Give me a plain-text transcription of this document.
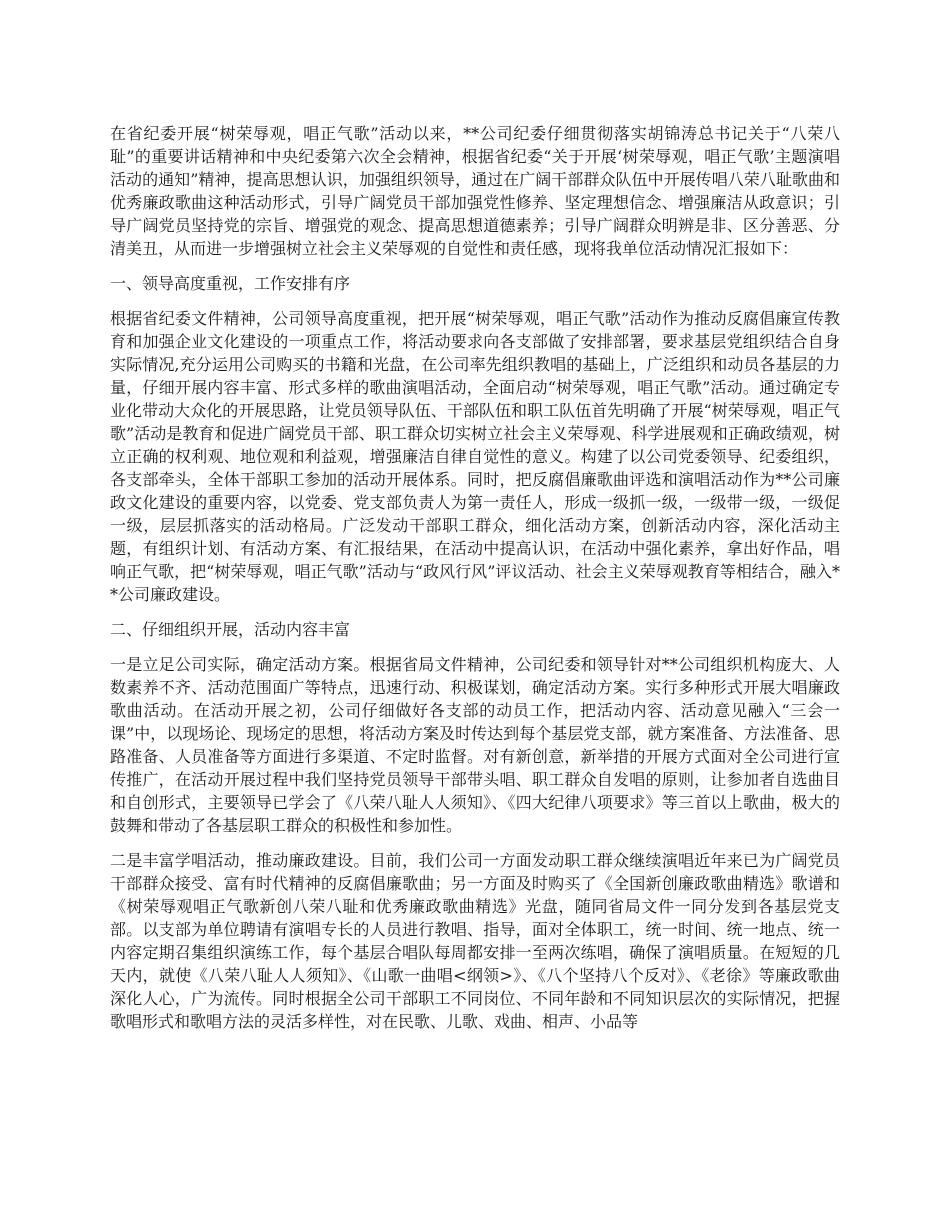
在省纪委开展“树荣辱观，唱正气歌”活动以来，**公司纪委仔细贯彻落实胡锦涛总书记关于“八荣八耻”的重要讲话精神和中央纪委第六次全会精神，根据省纪委“关于开展‘树荣辱观，唱正气歌’主题演唱活动的通知”精神，提高思想认识，加强组织领导，通过在广阔干部群众队伍中开展传唱八荣八耻歌曲和优秀廉政歌曲这种活动形式，引导广阔党员干部加强党性修养、坚定理想信念、增强廉洁从政意识；引导广阔党员坚持党的宗旨、增强党的观念、提高思想道德素养；引导广阔群众明辨是非、区分善恶、分清美丑，从而进一步增强树立社会主义荣辱观的自觉性和责任感，现将我单位活动情况汇报如下：

一、领导高度重视，工作安排有序

根据省纪委文件精神，公司领导高度重视，把开展“树荣辱观，唱正气歌”活动作为推动反腐倡廉宣传教育和加强企业文化建设的一项重点工作，将活动要求向各支部做了安排部署，要求基层党组织结合自身实际情况,充分运用公司购买的书籍和光盘，在公司率先组织教唱的基础上，广泛组织和动员各基层的力量，仔细开展内容丰富、形式多样的歌曲演唱活动，全面启动“树荣辱观，唱正气歌”活动。通过确定专业化带动大众化的开展思路，让党员领导队伍、干部队伍和职工队伍首先明确了开展“树荣辱观，唱正气歌”活动是教育和促进广阔党员干部、职工群众切实树立社会主义荣辱观、科学进展观和正确政绩观，树立正确的权利观、地位观和利益观，增强廉洁自律自觉性的意义。构建了以公司党委领导、纪委组织，各支部牵头，全体干部职工参加的活动开展体系。同时，把反腐倡廉歌曲评选和演唱活动作为**公司廉政文化建设的重要内容，以党委、党支部负责人为第一责任人，形成一级抓一级，一级带一级，一级促一级，层层抓落实的活动格局。广泛发动干部职工群众，细化活动方案，创新活动内容，深化活动主题，有组织计划、有活动方案、有汇报结果，在活动中提高认识，在活动中强化素养，拿出好作品，唱响正气歌，把“树荣辱观，唱正气歌”活动与“政风行风”评议活动、社会主义荣辱观教育等相结合，融入**公司廉政建设。

二、仔细组织开展，活动内容丰富

一是立足公司实际，确定活动方案。根据省局文件精神，公司纪委和领导针对**公司组织机构庞大、人数素养不齐、活动范围面广等特点，迅速行动、积极谋划，确定活动方案。实行多种形式开展大唱廉政歌曲活动。在活动开展之初，公司仔细做好各支部的动员工作，把活动内容、活动意见融入“三会一课”中，以现场论、现场定的思想，将活动方案及时传达到每个基层党支部，就方案准备、方法准备、思路准备、人员准备等方面进行多渠道、不定时监督。对有新创意，新举措的开展方式面对全公司进行宣传推广，在活动开展过程中我们坚持党员领导干部带头唱、职工群众自发唱的原则，让参加者自选曲目和自创形式，主要领导已学会了《八荣八耻人人须知》、《四大纪律八项要求》等三首以上歌曲，极大的鼓舞和带动了各基层职工群众的积极性和参加性。

二是丰富学唱活动，推动廉政建设。目前，我们公司一方面发动职工群众继续演唱近年来已为广阔党员干部群众接受、富有时代精神的反腐倡廉歌曲；另一方面及时购买了《全国新创廉政歌曲精选》歌谱和《树荣辱观唱正气歌新创八荣八耻和优秀廉政歌曲精选》光盘，随同省局文件一同分发到各基层党支部。以支部为单位聘请有演唱专长的人员进行教唱、指导，面对全体职工，统一时间、统一地点、统一内容定期召集组织演练工作，每个基层合唱队每周都安排一至两次练唱，确保了演唱质量。在短短的几天内，就使《八荣八耻人人须知》、《山歌一曲唱<纲领>》、《八个坚持八个反对》、《老徐》等廉政歌曲深化人心，广为流传。同时根据全公司干部职工不同岗位、不同年龄和不同知识层次的实际情况，把握歌唱形式和歌唱方法的灵活多样性，对在民歌、儿歌、戏曲、相声、小品等
